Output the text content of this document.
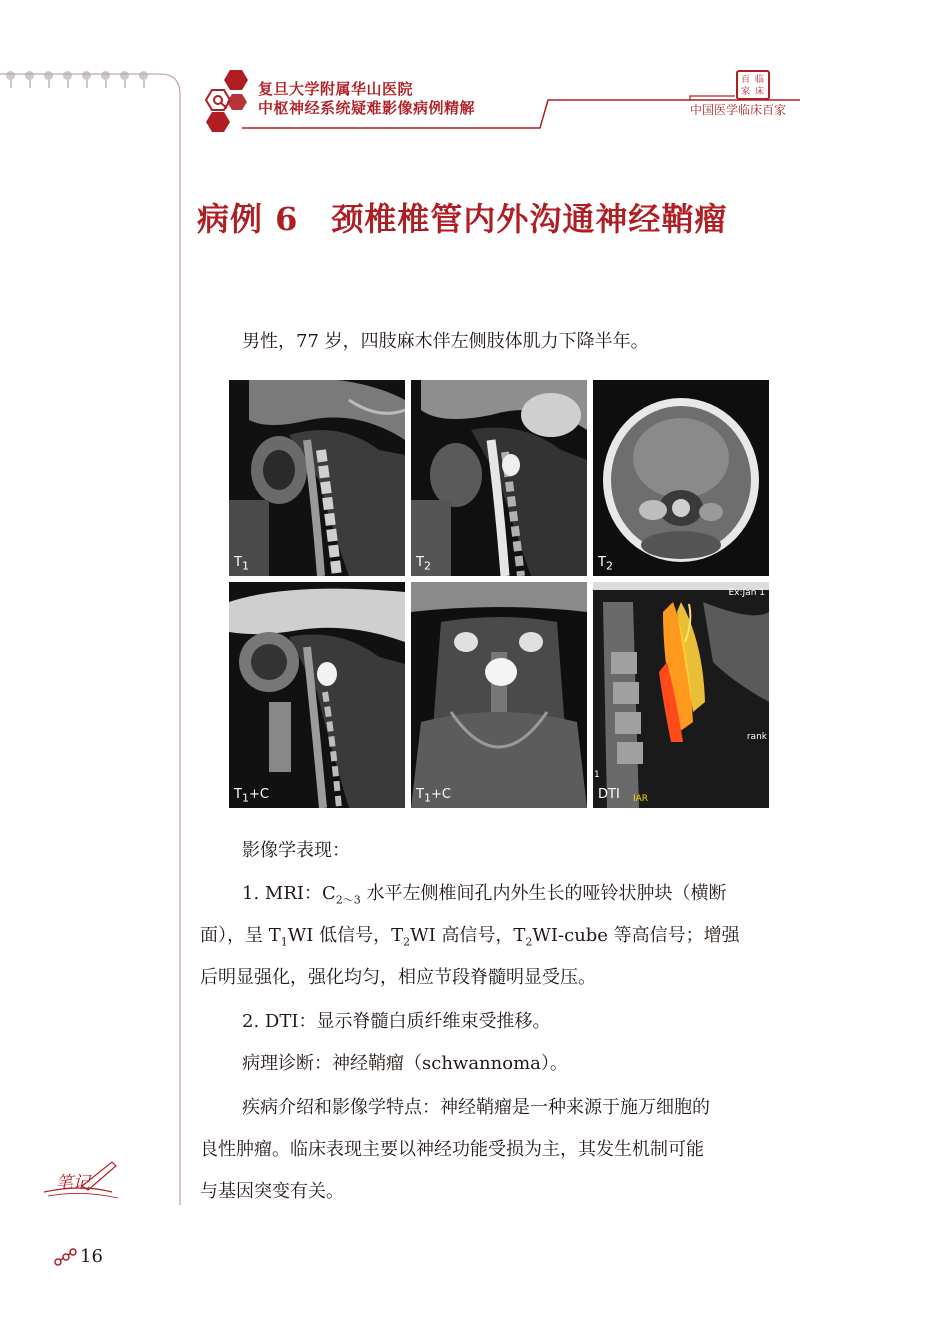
复旦大学附属华山医院
中枢神经系统疑难影像病例精解
百 临
家 床
中国医学临床百家
病例 6　颈椎椎管内外沟通神经鞘瘤
男性，77 岁，四肢麻木伴左侧肢体肌力下降半年。
$T_1$	$T_2$	$T_2$
$T_1+C$	$T_1+C$
Ex:Jan 1
rank
1
IAR
DTI
影像学表现：
1. MRI：$C_{2\sim 3}$ 水平左侧椎间孔内外生长的哑铃状肿块（横断
面），呈 $T_1WI$ 低信号，$T_2WI$ 高信号，$T_2WI$-cube 等高信号；增强
后明显强化，强化均匀，相应节段脊髓明显受压。
2. DTI：显示脊髓白质纤维束受推移。
病理诊断：神经鞘瘤（schwannoma）。
疾病介绍和影像学特点：神经鞘瘤是一种来源于施万细胞的
良性肿瘤。临床表现主要以神经功能受损为主，其发生机制可能
与基因突变有关。
笔记
16
